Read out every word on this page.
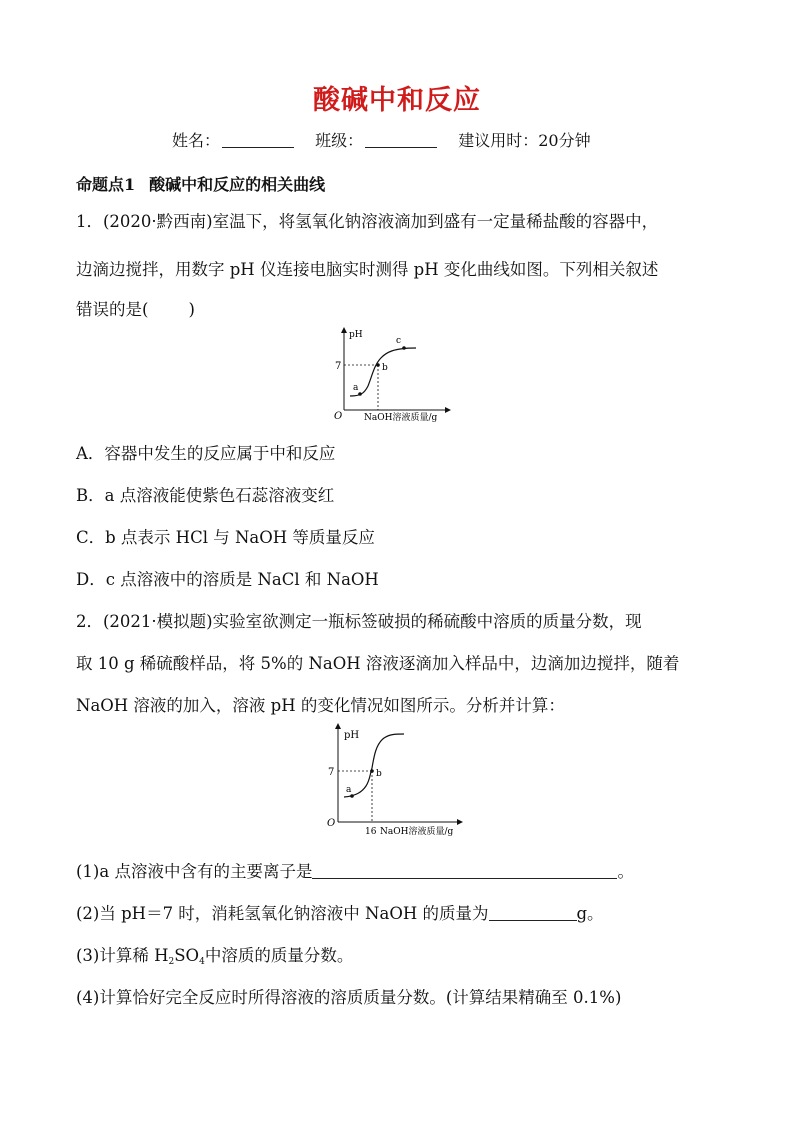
酸碱中和反应
姓名：	班级：	建议用时：20分钟
命题点1 酸碱中和反应的相关曲线
1．(2020·黔西南)室温下，将氢氧化钠溶液滴加到盛有一定量稀盐酸的容器中，
边滴边搅拌，用数字 pH 仪连接电脑实时测得 pH 变化曲线如图。下列相关叙述
错误的是( )
pH
O
7
NaOH溶液质量/g
a
b
c
A．容器中发生的反应属于中和反应
B．a 点溶液能使紫色石蕊溶液变红
C．b 点表示 HCl 与 NaOH 等质量反应
D．c 点溶液中的溶质是 NaCl 和 NaOH
2．(2021·模拟题)实验室欲测定一瓶标签破损的稀硫酸中溶质的质量分数，现
取 10 g 稀硫酸样品，将 5%的 NaOH 溶液逐滴加入样品中，边滴加边搅拌，随着
NaOH 溶液的加入，溶液 pH 的变化情况如图所示。分析并计算：
pH
O
7
16 NaOH溶液质量/g
a
b
(1)a 点溶液中含有的主要离子是	。
(2)当 pH＝7 时，消耗氢氧化钠溶液中 NaOH 的质量为	g。
(3)计算稀 $H_2SO_4$中溶质的质量分数。
(4)计算恰好完全反应时所得溶液的溶质质量分数。(计算结果精确至 0.1%)
